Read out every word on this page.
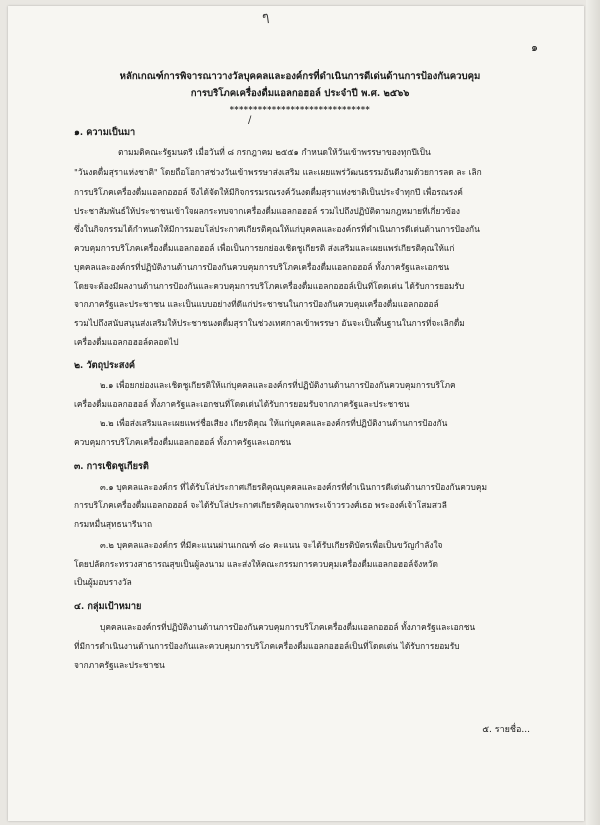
ๆ
๑
หลักเกณฑ์การพิจารณาวางวัลบุคคลและองค์กรที่ดำเนินการดีเด่นด้านการป้องกันควบคุม
การบริโภคเครื่องดื่มแอลกอฮอล์ ประจำปี พ.ศ. ๒๕๖๖
******************************
/
๑. ความเป็นมา
ตามมติคณะรัฐมนตรี เมื่อวันที่ ๘ กรกฎาคม ๒๕๕๑ กำหนดให้วันเข้าพรรษาของทุกปีเป็น
"วันงดดื่มสุราแห่งชาติ" โดยถือโอกาสช่วงวันเข้าพรรษาส่งเสริม และเผยแพร่วัฒนธรรมอันดีงามด้วยการลด ละ เลิก
การบริโภคเครื่องดื่มแอลกอฮอล์ จึงได้จัดให้มีกิจกรรมรณรงค์วันงดดื่มสุราแห่งชาติเป็นประจำทุกปี เพื่อรณรงค์
ประชาสัมพันธ์ให้ประชาชนเข้าใจผลกระทบจากเครื่องดื่มแอลกอฮอล์ รวมไปถึงปฏิบัติตามกฎหมายที่เกี่ยวข้อง
ซึ่งในกิจกรรมได้กำหนดให้มีการมอบโล่ประกาศเกียรติคุณให้แก่บุคคลและองค์กรที่ดำเนินการดีเด่นด้านการป้องกัน
ควบคุมการบริโภคเครื่องดื่มแอลกอฮอล์ เพื่อเป็นการยกย่องเชิดชูเกียรติ ส่งเสริมและเผยแพร่เกียรติคุณให้แก่
บุคคลและองค์กรที่ปฏิบัติงานด้านการป้องกันควบคุมการบริโภคเครื่องดื่มแอลกอฮอล์ ทั้งภาครัฐและเอกชน
โดยจะต้องมีผลงานด้านการป้องกันและควบคุมการบริโภคเครื่องดื่มแอลกอฮอล์เป็นที่โดดเด่น ได้รับการยอมรับ
จากภาครัฐและประชาชน และเป็นแบบอย่างที่ดีแก่ประชาชนในการป้องกันควบคุมเครื่องดื่มแอลกอฮอล์
รวมไปถึงสนับสนุนส่งเสริมให้ประชาชนงดดื่มสุราในช่วงเทศกาลเข้าพรรษา อันจะเป็นพื้นฐานในการที่จะเลิกดื่ม
เครื่องดื่มแอลกอฮอล์ตลอดไป
๒. วัตถุประสงค์
๒.๑ เพื่อยกย่องและเชิดชูเกียรติให้แก่บุคคลและองค์กรที่ปฏิบัติงานด้านการป้องกันควบคุมการบริโภค
เครื่องดื่มแอลกอฮอล์ ทั้งภาครัฐและเอกชนที่โดดเด่นได้รับการยอมรับจากภาครัฐและประชาชน
๒.๒ เพื่อส่งเสริมและเผยแพร่ชื่อเสียง เกียรติคุณ ให้แก่บุคคลและองค์กรที่ปฏิบัติงานด้านการป้องกัน
ควบคุมการบริโภคเครื่องดื่มแอลกอฮอล์ ทั้งภาครัฐและเอกชน
๓. การเชิดชูเกียรติ
๓.๑ บุคคลและองค์กร ที่ได้รับโล่ประกาศเกียรติคุณบุคคลและองค์กรที่ดำเนินการดีเด่นด้านการป้องกันควบคุม
การบริโภคเครื่องดื่มแอลกอฮอล์ จะได้รับโล่ประกาศเกียรติคุณจากพระเจ้าวรวงศ์เธอ พระองค์เจ้าโสมสวลี
กรมหมื่นสุทธนารีนาถ
๓.๒ บุคคลและองค์กร ที่มีคะแนนผ่านเกณฑ์ ๘๐ คะแนน จะได้รับเกียรติบัตรเพื่อเป็นขวัญกำลังใจ
โดยปลัดกระทรวงสาธารณสุขเป็นผู้ลงนาม และส่งให้คณะกรรมการควบคุมเครื่องดื่มแอลกอฮอล์จังหวัด
เป็นผู้มอบรางวัล
๔. กลุ่มเป้าหมาย
บุคคลและองค์กรที่ปฏิบัติงานด้านการป้องกันควบคุมการบริโภคเครื่องดื่มแอลกอฮอล์ ทั้งภาครัฐและเอกชน
ที่มีการดำเนินงานด้านการป้องกันและควบคุมการบริโภคเครื่องดื่มแอลกอฮอล์เป็นที่โดดเด่น ได้รับการยอมรับ
จากภาครัฐและประชาชน
๕. รายชื่อ...
